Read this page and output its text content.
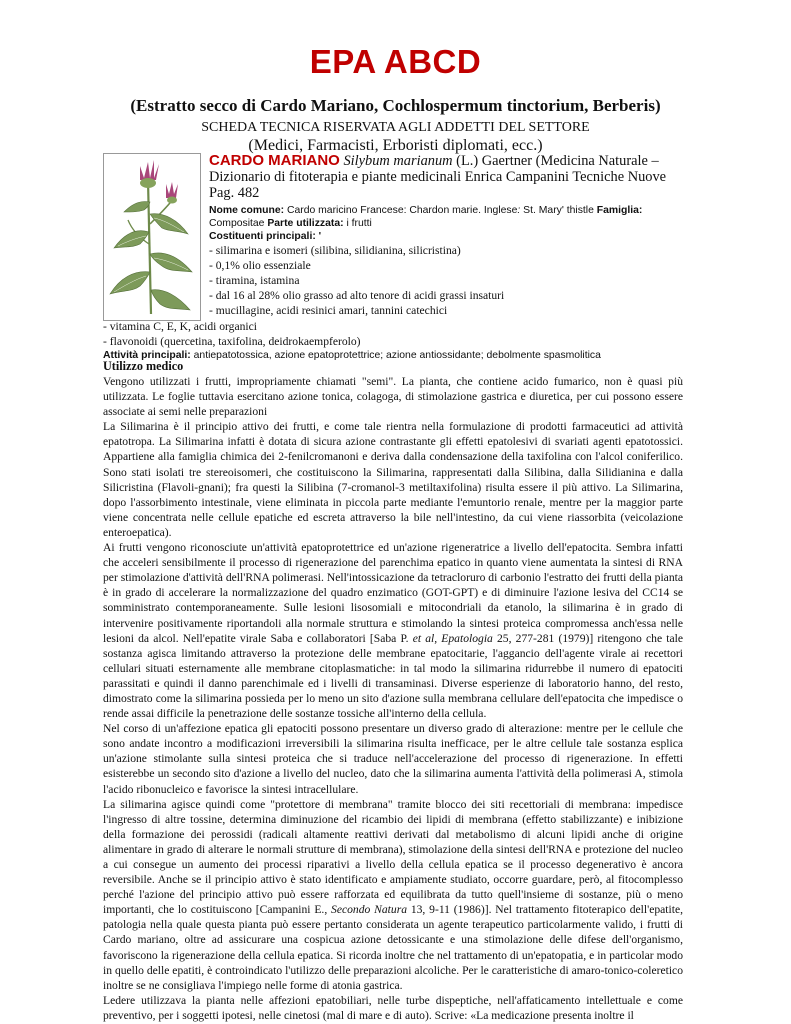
EPA ABCD
(Estratto secco di Cardo Mariano, Cochlospermum tinctorium, Berberis)
SCHEDA TECNICA RISERVATA AGLI ADDETTI DEL SETTORE
(Medici, Farmacisti, Erboristi diplomati, ecc.)
CARDO MARIANO Silybum marianum (L.) Gaertner (Medicina Naturale – Dizionario di fitoterapia e piante medicinali Enrica Campanini Tecniche Nuove Pag. 482
Nome comune: Cardo maricino Francese: Chardon marie. Inglese: St. Mary' thistle Famiglia: Compositae Parte utilizzata: i frutti
Costituenti principali: '
- silimarina e isomeri (silibina, silidianina, silicristina)
- 0,1% olio essenziale
- tiramina, istamina
- dal 16 al 28% olio grasso ad alto tenore di acidi grassi insaturi
- mucillagine, acidi resinici amari, tannini catechici
- vitamina C, E, K, acidi organici
- flavonoidi (quercetina, taxifolina, deidrokaempferolo)
Attività principali: antiepatotossica, azione epatoprotettrice; azione antiossidante; debolmente spasmolitica
Utilizzo medico

Vengono utilizzati i frutti, impropriamente chiamati "semi". La pianta, che contiene acido fumarico, non è quasi più utilizzata. Le foglie tuttavia esercitano azione tonica, colagoga, di stimolazione gastrica e diuretica, per cui possono essere associate ai semi nelle preparazioni

La Silimarina è il principio attivo dei frutti, e come tale rientra nella formulazione di prodotti farmaceutici ad attività epatotropa. La Silimarina infatti è dotata di sicura azione contrastante gli effetti epatolesivi di svariati agenti epatotossici. Appartiene alla famiglia chimica dei 2-fenilcromanoni e deriva dalla condensazione della taxifolina con l'alcol coniferilico. Sono stati isolati tre stereoisomeri, che costituiscono la Silimarina, rappresentati dalla Silibina, dalla Silidianina e dalla Silicristina (Flavoli-gnani); fra questi la Silibina (7-cromanol-3 metiltaxifolina) risulta essere il più attivo. La Silimarina, dopo l'assorbimento intestinale, viene eliminata in piccola parte mediante l'emuntorio renale, mentre per la maggior parte viene concentrata nelle cellule epatiche ed escreta attraverso la bile nell'intestino, da cui viene riassorbita (veicolazione enteroepatica).

Ai frutti vengono riconosciute un'attività epatoprotettrice ed un'azione rigeneratrice a livello dell'epatocita. Sembra infatti che acceleri sensibilmente il processo di rigenerazione del parenchima epatico in quanto viene aumentata la sintesi di RNA per stimolazione d'attività dell'RNA polimerasi. Nell'intossicazione da tetracloruro di carbonio l'estratto dei frutti della pianta è in grado di accelerare la normalizzazione del quadro enzimatico (GOT-GPT) e di diminuire l'azione lesiva del CC14 se somministrato contemporaneamente. Sulle lesioni lisosomiali e mitocondriali da etanolo, la silimarina è in grado di intervenire positivamente riportandoli alla normale struttura e stimolando la sintesi proteica compromessa anch'essa nelle lesioni da alcol. Nell'epatite virale Saba e collaboratori [Saba P. et al, Epatologia 25, 277-281 (1979)] ritengono che tale sostanza agisca limitando attraverso la protezione delle membrane epatocitarie, l'aggancio dell'agente virale ai recettori cellulari situati esternamente alle membrane citoplasmatiche: in tal modo la silimarina ridurrebbe il numero di epatociti parassitati e quindi il danno parenchimale ed i livelli di transaminasi. Diverse esperienze di laboratorio hanno, del resto, dimostrato come la silimarina possieda per lo meno un sito d'azione sulla membrana cellulare dell'epatocita che impedisce o rende assai difficile la penetrazione delle sostanze tossiche all'interno della cellula.

Nel corso di un'affezione epatica gli epatociti possono presentare un diverso grado di alterazione: mentre per le cellule che sono andate incontro a modificazioni irreversibili la silimarina risulta inefficace, per le altre cellule tale sostanza esplica un'azione stimolante sulla sintesi proteica che si traduce nell'accelerazione del processo di rigenerazione. In effetti esisterebbe un secondo sito d'azione a livello del nucleo, dato che la silimarina aumenta l'attività della polimerasi A, stimola l'acido ribonucleico e favorisce la sintesi intracellulare.

La silimarina agisce quindi come "protettore di membrana" tramite blocco dei siti recettoriali di membrana: impedisce l'ingresso di altre tossine, determina diminuzione del ricambio dei lipidi di membrana (effetto stabilizzante) e inibizione della formazione dei perossidi (radicali altamente reattivi derivati dal metabolismo di alcuni lipidi anche di origine alimentare in grado di alterare le normali strutture di membrana), stimolazione della sintesi dell'RNA e protezione del nucleo a cui consegue un aumento dei processi riparativi a livello della cellula epatica se il processo degenerativo è ancora reversibile. Anche se il principio attivo è stato identificato e ampiamente studiato, occorre guardare, però, al fitocomplesso perché l'azione del principio attivo può essere rafforzata ed equilibrata da tutto quell'insieme di sostanze, più o meno importanti, che lo costituiscono [Campanini E., Secondo Natura 13, 9-11 (1986)]. Nel trattamento fitoterapico dell'epatite, patologia nella quale questa pianta può essere pertanto considerata un agente terapeutico particolarmente valido, i frutti di Cardo mariano, oltre ad assicurare una cospicua azione detossicante e una stimolazione delle difese dell'organismo, favoriscono la rigenerazione della cellula epatica. Si ricorda inoltre che nel trattamento di un'epatopatia, e in particolar modo in quello delle epatiti, è controindicato l'utilizzo delle preparazioni alcoliche. Per le caratteristiche di amaro-tonico-coleretico inoltre se ne consigliava l'impiego nelle forme di atonia gastrica.

Ledere utilizzava la pianta nelle affezioni epatobiliari, nelle turbe dispeptiche, nell'affaticamento intellettuale e come preventivo, per i soggetti ipotesi, nelle cinetosi (mal di mare e di auto). Scrive: «La medicazione presenta inoltre il
